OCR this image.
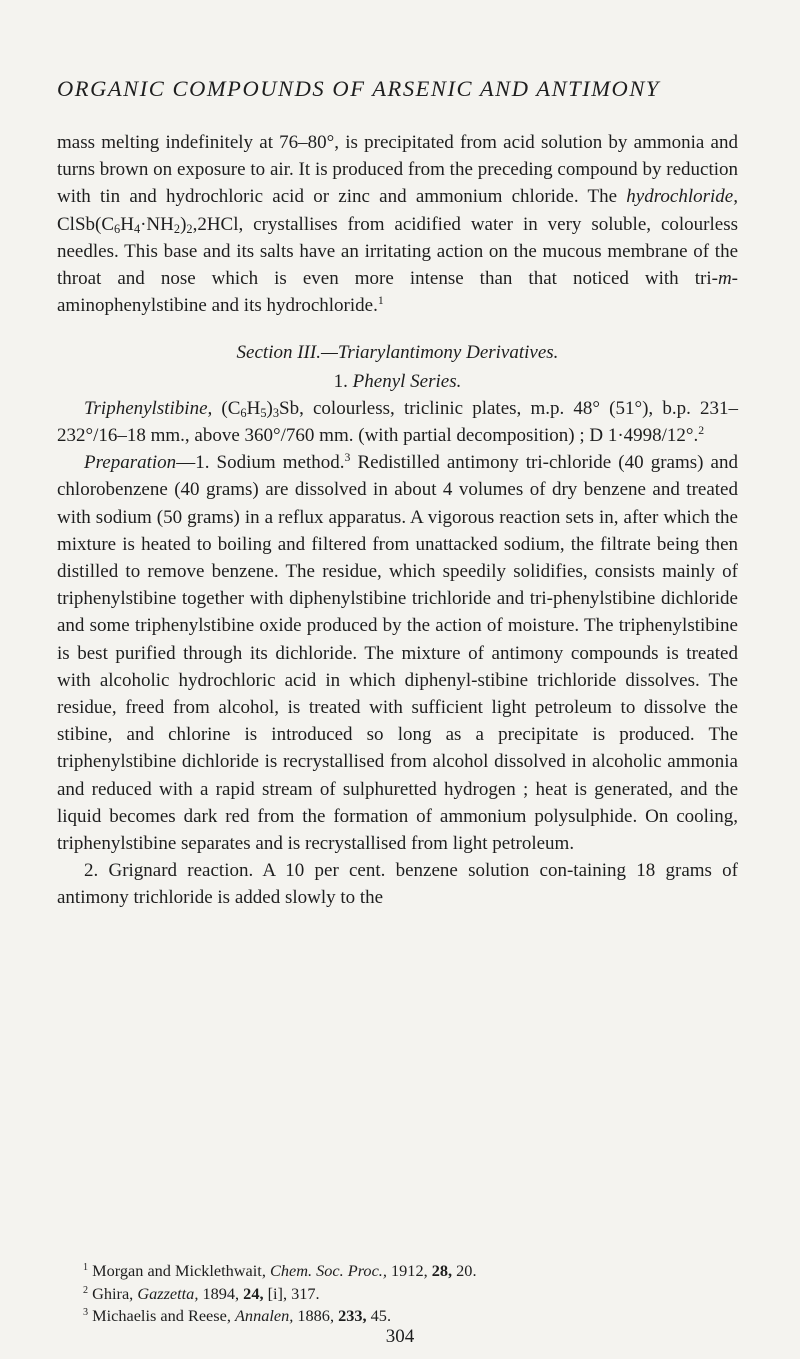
ORGANIC COMPOUNDS OF ARSENIC AND ANTIMONY

mass melting indefinitely at 76–80°, is precipitated from acid solution by ammonia and turns brown on exposure to air. It is produced from the preceding compound by reduction with tin and hydrochloric acid or zinc and ammonium chloride. The hydrochloride, $ClSb(C_6H_4\cdot NH_2)_2,2HCl$, crystallises from acidified water in very soluble, colourless needles. This base and its salts have an irritating action on the mucous membrane of the throat and nose which is even more intense than that noticed with tri-m-aminophenylstibine and its hydrochloride.$^1$

Section III.—Triarylantimony Derivatives.

1. Phenyl Series.

Triphenylstibine, $(C_6H_5)_3Sb$, colourless, triclinic plates, m.p. 48° (51°), b.p. 231–232°/16–18 mm., above 360°/760 mm. (with partial decomposition) ; D 1·4998/12°.$^2$

Preparation—1. Sodium method.$^3$ Redistilled antimony tri-chloride (40 grams) and chlorobenzene (40 grams) are dissolved in about 4 volumes of dry benzene and treated with sodium (50 grams) in a reflux apparatus. A vigorous reaction sets in, after which the mixture is heated to boiling and filtered from unattacked sodium, the filtrate being then distilled to remove benzene. The residue, which speedily solidifies, consists mainly of triphenylstibine together with diphenylstibine trichloride and tri-phenylstibine dichloride and some triphenylstibine oxide produced by the action of moisture. The triphenylstibine is best purified through its dichloride. The mixture of antimony compounds is treated with alcoholic hydrochloric acid in which diphenyl-stibine trichloride dissolves. The residue, freed from alcohol, is treated with sufficient light petroleum to dissolve the stibine, and chlorine is introduced so long as a precipitate is produced. The triphenylstibine dichloride is recrystallised from alcohol dissolved in alcoholic ammonia and reduced with a rapid stream of sulphuretted hydrogen ; heat is generated, and the liquid becomes dark red from the formation of ammonium polysulphide. On cooling, triphenylstibine separates and is recrystallised from light petroleum.

2. Grignard reaction. A 10 per cent. benzene solution con-taining 18 grams of antimony trichloride is added slowly to the

$^1$ Morgan and Micklethwait, Chem. Soc. Proc., 1912, 28, 20.
$^2$ Ghira, Gazzetta, 1894, 24, [i], 317.
$^3$ Michaelis and Reese, Annalen, 1886, 233, 45.
304
